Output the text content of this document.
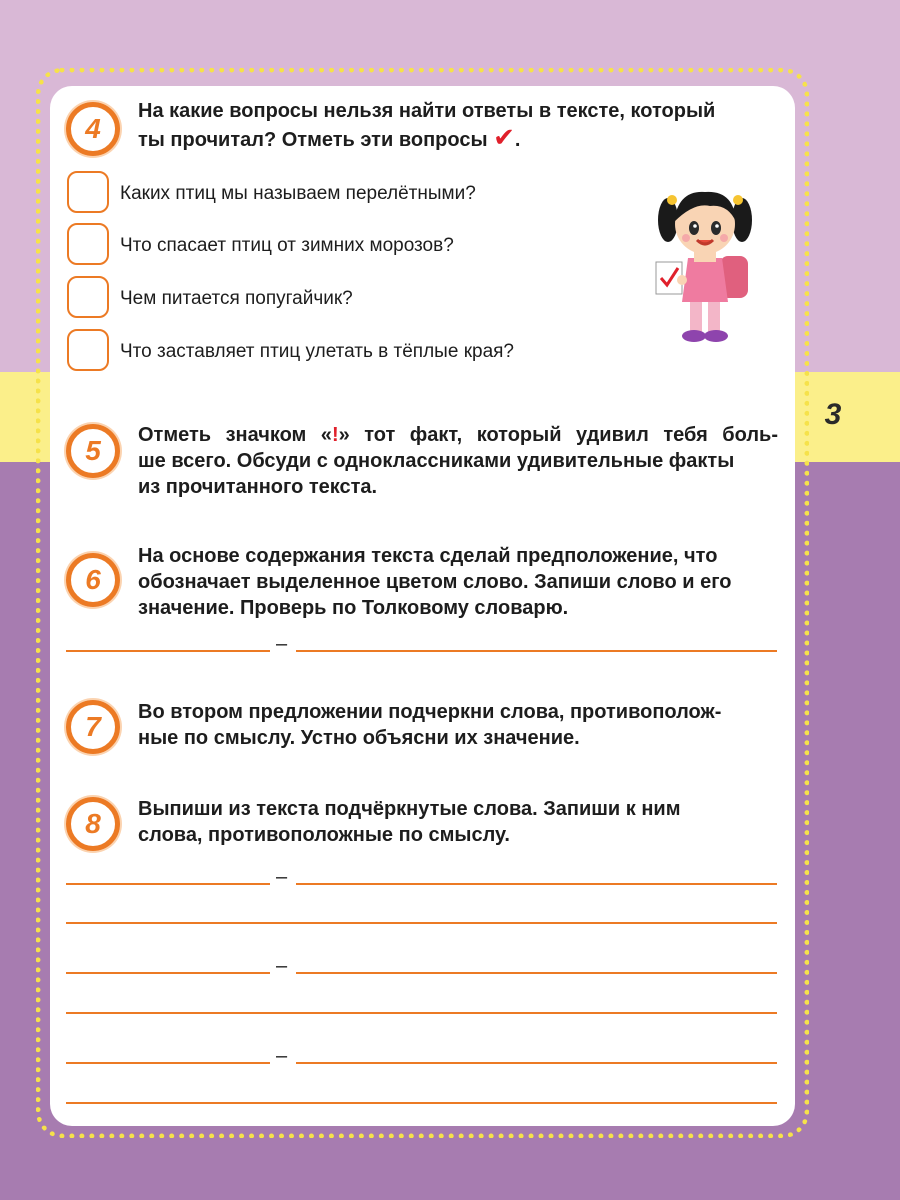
3
4
На какие вопросы нельзя найти ответы в тексте, который
ты прочитал? Отметь эти вопросы ✔.
Каких птиц мы называем перелётными?
Что спасает птиц от зимних морозов?
Чем питается попугайчик?
Что заставляет птиц улетать в тёплые края?
5	Отметь значком «!» тот факт, который удивил тебя боль-
ше всего. Обсуди с одноклассниками удивительные факты
из прочитанного текста.
6
На основе содержания текста сделай предположение, что
обозначает выделенное цветом слово. Запиши слово и его
значение. Проверь по Толковому словарю.
–
7	Во втором предложении подчеркни слова, противополож-
ные по смыслу. Устно объясни их значение.
8	Выпиши из текста подчёркнутые слова. Запиши к ним
слова, противоположные по смыслу.
–
–
–
